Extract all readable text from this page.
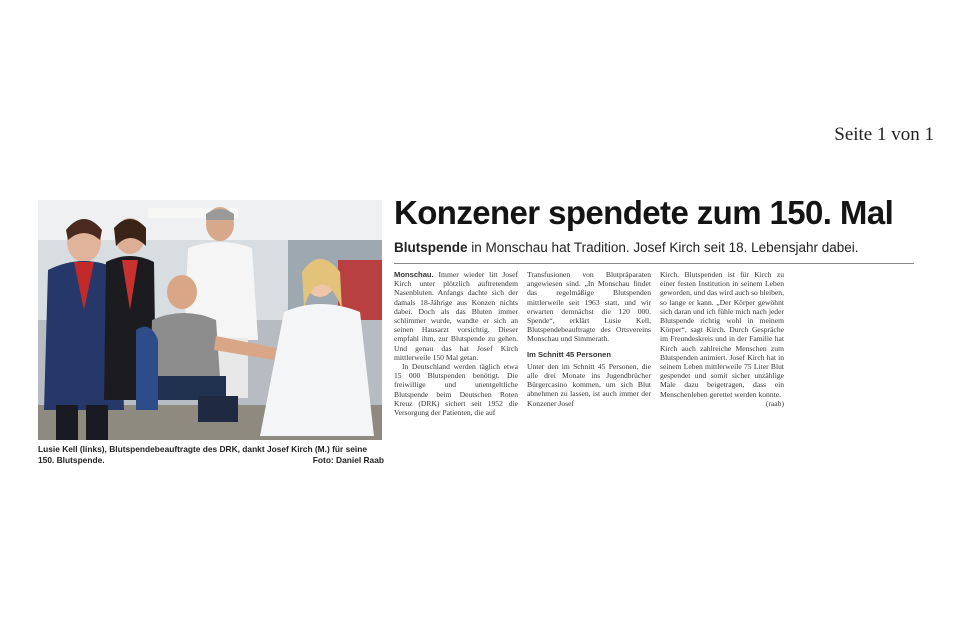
Seite 1 von 1
Lusie Kell (links), Blutspendebeauftragte des DRK, dankt Josef Kirch (M.) für seine 150. Blutspende.	Foto: Daniel Raab
Konzener spendete zum 150. Mal
Blutspende in Monschau hat Tradition. Josef Kirch seit 18. Lebensjahr dabei.

Monschau. Immer wieder litt Josef Kirch unter plötzlich auftretendem Nasenbluten. Anfangs dachte sich der damals 18-Jährige aus Konzen nichts dabei. Doch als das Bluten immer schlimmer wurde, wandte er sich an seinen Hausarzt vorsichtig. Dieser empfahl ihm, zur Blutspende zu gehen. Und genau das hat Josef Kirch mittlerweile 150 Mal getan.

In Deutschland werden täglich etwa 15 000 Blutspenden benötigt. Die freiwillige und unentgeltliche Blutspende beim Deutschen Roten Kreuz (DRK) sichert seit 1952 die Versorgung der Patienten, die auf

Transfusionen von Blutpräparaten angewiesen sind. „In Monschau findet das regelmäßige Blutspenden mittlerweile seit 1963 statt, und wir erwarten demnächst die 120 000. Spende“, erklärt Lusie Kell, Blutspendebeauftragte des Ortsvereins Monschau und Simmerath.

Im Schnitt 45 Personen

Unter den im Schnitt 45 Personen, die alle drei Monate ins Jugendbrücher Bürgercasino kommen, um sich Blut abnehmen zu lassen, ist auch immer der Konzener Josef

Kirch. Blutspenden ist für Kirch zu einer festen Institution in seinem Leben geworden, und das wird auch so bleiben, so lange er kann. „Der Körper gewöhnt sich daran und ich fühle mich nach jeder Blutspende richtig wohl in meinem Körper“, sagt Kirch. Durch Gespräche im Freundeskreis und in der Familie hat Kirch auch zahlreiche Menschen zum Blutspenden animiert. Josef Kirch hat in seinem Leben mittlerweile 75 Liter Blut gespendet und somit sicher unzählige Male dazu beigetragen, dass ein Menschenleben gerettet werden konnte.

(raab)
